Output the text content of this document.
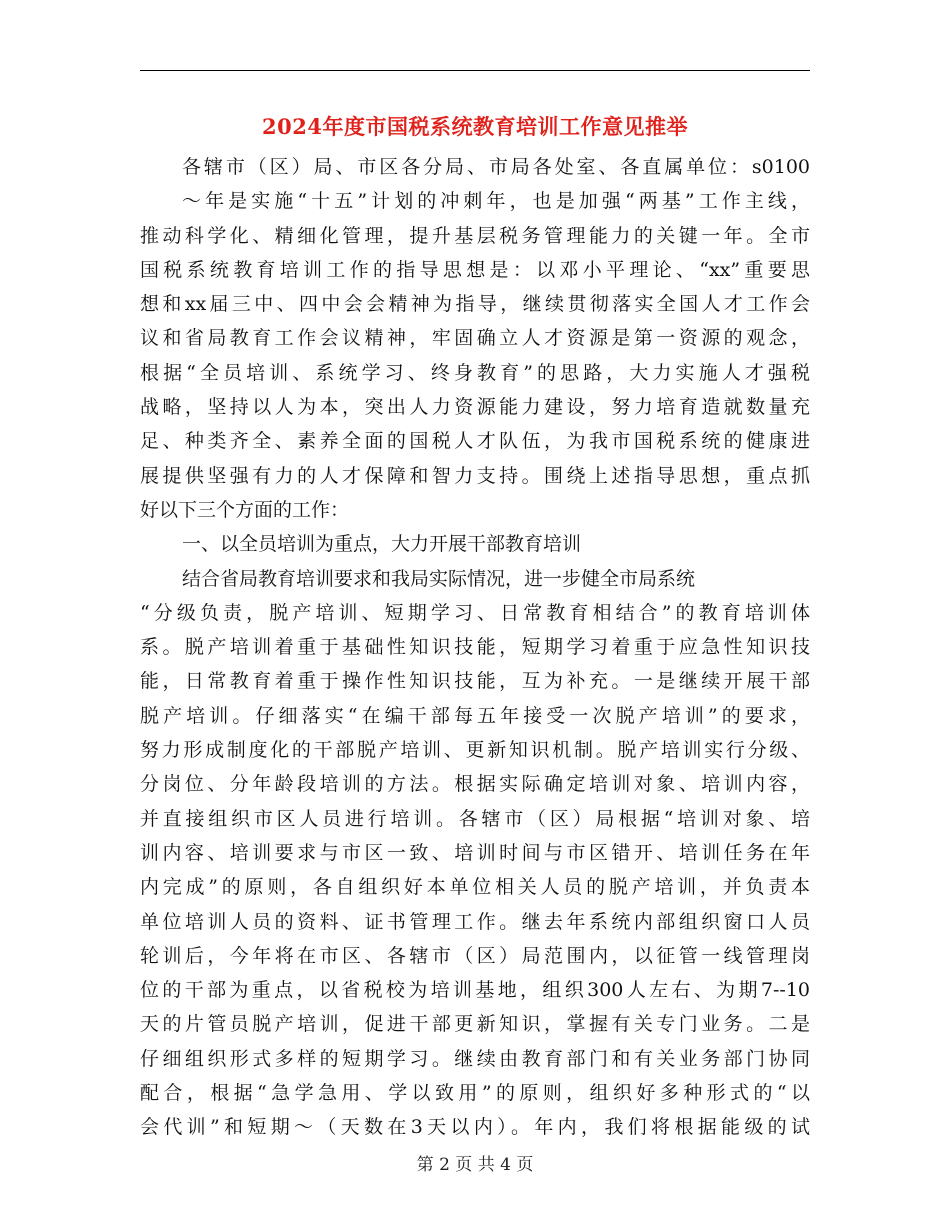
2024年度市国税系统教育培训工作意见推举
各辖市（区）局、市区各分局、市局各处室、各直属单位：s0100
～年是实施“十五”计划的冲刺年，也是加强“两基”工作主线，
推动科学化、精细化管理，提升基层税务管理能力的关键一年。全市
国税系统教育培训工作的指导思想是：以邓小平理论、“xx”重要思
想和xx届三中、四中会会精神为指导，继续贯彻落实全国人才工作会
议和省局教育工作会议精神，牢固确立人才资源是第一资源的观念，
根据“全员培训、系统学习、终身教育”的思路，大力实施人才强税
战略，坚持以人为本，突出人力资源能力建设，努力培育造就数量充
足、种类齐全、素养全面的国税人才队伍，为我市国税系统的健康进
展提供坚强有力的人才保障和智力支持。围绕上述指导思想，重点抓
好以下三个方面的工作：
一、以全员培训为重点，大力开展干部教育培训
结合省局教育培训要求和我局实际情况，进一步健全市局系统
“分级负责，脱产培训、短期学习、日常教育相结合”的教育培训体
系。脱产培训着重于基础性知识技能，短期学习着重于应急性知识技
能，日常教育着重于操作性知识技能，互为补充。一是继续开展干部
脱产培训。仔细落实“在编干部每五年接受一次脱产培训”的要求，
努力形成制度化的干部脱产培训、更新知识机制。脱产培训实行分级、
分岗位、分年龄段培训的方法。根据实际确定培训对象、培训内容，
并直接组织市区人员进行培训。各辖市（区）局根据“培训对象、培
训内容、培训要求与市区一致、培训时间与市区错开、培训任务在年
内完成”的原则，各自组织好本单位相关人员的脱产培训，并负责本
单位培训人员的资料、证书管理工作。继去年系统内部组织窗口人员
轮训后，今年将在市区、各辖市（区）局范围内，以征管一线管理岗
位的干部为重点，以省税校为培训基地，组织300人左右、为期7--10
天的片管员脱产培训，促进干部更新知识，掌握有关专门业务。二是
仔细组织形式多样的短期学习。继续由教育部门和有关业务部门协同
配合，根据“急学急用、学以致用”的原则，组织好多种形式的“以
会代训”和短期～（天数在3天以内）。年内，我们将根据能级的试
第 2 页 共 4 页
